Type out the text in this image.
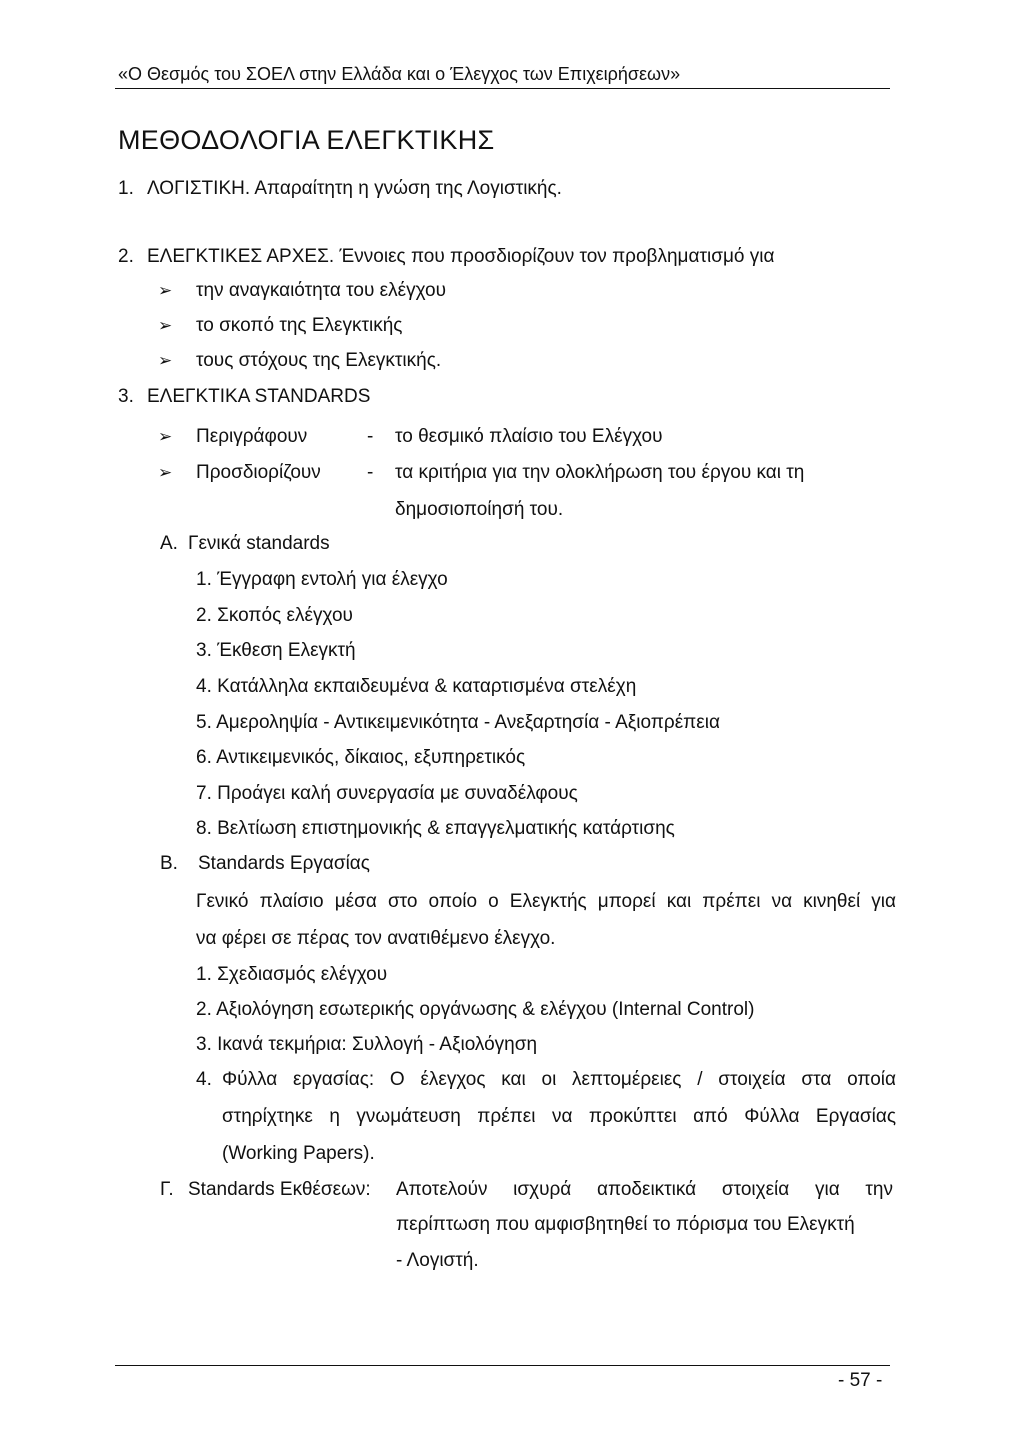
«Ο Θεσμός του ΣΟΕΛ στην Ελλάδα και ο Έλεγχος των Επιχειρήσεων»
ΜΕΘΟΔΟΛΟΓΙΑ ΕΛΕΓΚΤΙΚΗΣ
1. ΛΟΓΙΣΤΙΚΗ. Απαραίτητη η γνώση της Λογιστικής.
2. ΕΛΕΓΚΤΙΚΕΣ ΑΡΧΕΣ. Έννοιες που προσδιορίζουν τον προβληματισμό για
➢ την αναγκαιότητα του ελέγχου
➢ το σκοπό της Ελεγκτικής
➢ τους στόχους της Ελεγκτικής.
3. ΕΛΕΓΚΤΙΚΑ STANDARDS
➢ Περιγράφουν	- το θεσμικό πλαίσιο του Ελέγχου
➢ Προσδιορίζουν - τα κριτήρια για την ολοκλήρωση του έργου και τη
δημοσιοποίησή του.
A. Γενικά standards
1. Έγγραφη εντολή για έλεγχο
2. Σκοπός ελέγχου
3. Έκθεση Ελεγκτή
4. Κατάλληλα εκπαιδευμένα & καταρτισμένα στελέχη
5. Αμεροληψία - Αντικειμενικότητα - Ανεξαρτησία - Αξιοπρέπεια
6. Αντικειμενικός, δίκαιος, εξυπηρετικός
7. Προάγει καλή συνεργασία με συναδέλφους
8. Βελτίωση επιστημονικής & επαγγελματικής κατάρτισης
B. Standards Εργασίας
Γενικό πλαίσιο μέσα στο οποίο ο Ελεγκτής μπορεί και πρέπει να κινηθεί για
να φέρει σε πέρας τον ανατιθέμενο έλεγχο.
1. Σχεδιασμός ελέγχου
2. Αξιολόγηση εσωτερικής οργάνωσης & ελέγχου (Internal Control)
3. Ικανά τεκμήρια: Συλλογή - Αξιολόγηση
4. Φύλλα εργασίας: Ο έλεγχος και οι λεπτομέρειες / στοιχεία στα οποία
στηρίχτηκε η γνωμάτευση πρέπει να προκύπτει από Φύλλα Εργασίας
(Working Papers).
Γ. Standards Εκθέσεων: Αποτελούν ισχυρά αποδεικτικά στοιχεία για την
περίπτωση που αμφισβητηθεί το πόρισμα του Ελεγκτή
- Λογιστή.
- 57 -
